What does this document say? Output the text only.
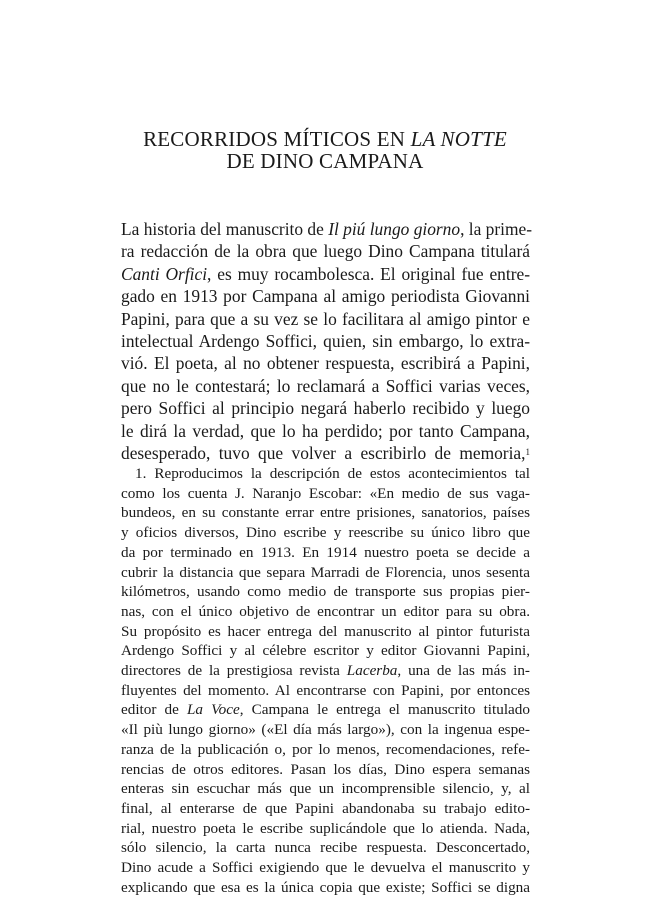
RECORRIDOS MÍTICOS EN LA NOTTE
DE DINO CAMPANA
La historia del manuscrito de Il piú lungo giorno, la prime-
ra redacción de la obra que luego Dino Campana titulará
Canti Orfici, es muy rocambolesca. El original fue entre-
gado en 1913 por Campana al amigo periodista Giovanni
Papini, para que a su vez se lo facilitara al amigo pintor e
intelectual Ardengo Soffici, quien, sin embargo, lo extra-
vió. El poeta, al no obtener respuesta, escribirá a Papini,
que no le contestará; lo reclamará a Soffici varias veces,
pero Soffici al principio negará haberlo recibido y luego
le dirá la verdad, que lo ha perdido; por tanto Campana,
desesperado, tuvo que volver a escribirlo de memoria,$^1$
1. Reproducimos la descripción de estos acontecimientos tal
como los cuenta J. Naranjo Escobar: «En medio de sus vaga-
bundeos, en su constante errar entre prisiones, sanatorios, países
y oficios diversos, Dino escribe y reescribe su único libro que
da por terminado en 1913. En 1914 nuestro poeta se decide a
cubrir la distancia que separa Marradi de Florencia, unos sesenta
kilómetros, usando como medio de transporte sus propias pier-
nas, con el único objetivo de encontrar un editor para su obra.
Su propósito es hacer entrega del manuscrito al pintor futurista
Ardengo Soffici y al célebre escritor y editor Giovanni Papini,
directores de la prestigiosa revista Lacerba, una de las más in-
fluyentes del momento. Al encontrarse con Papini, por entonces
editor de La Voce, Campana le entrega el manuscrito titulado
«Il più lungo giorno» («El día más largo»), con la ingenua espe-
ranza de la publicación o, por lo menos, recomendaciones, refe-
rencias de otros editores. Pasan los días, Dino espera semanas
enteras sin escuchar más que un incomprensible silencio, y, al
final, al enterarse de que Papini abandonaba su trabajo edito-
rial, nuestro poeta le escribe suplicándole que lo atienda. Nada,
sólo silencio, la carta nunca recibe respuesta. Desconcertado,
Dino acude a Soffici exigiendo que le devuelva el manuscrito y
explicando que esa es la única copia que existe; Soffici se digna
